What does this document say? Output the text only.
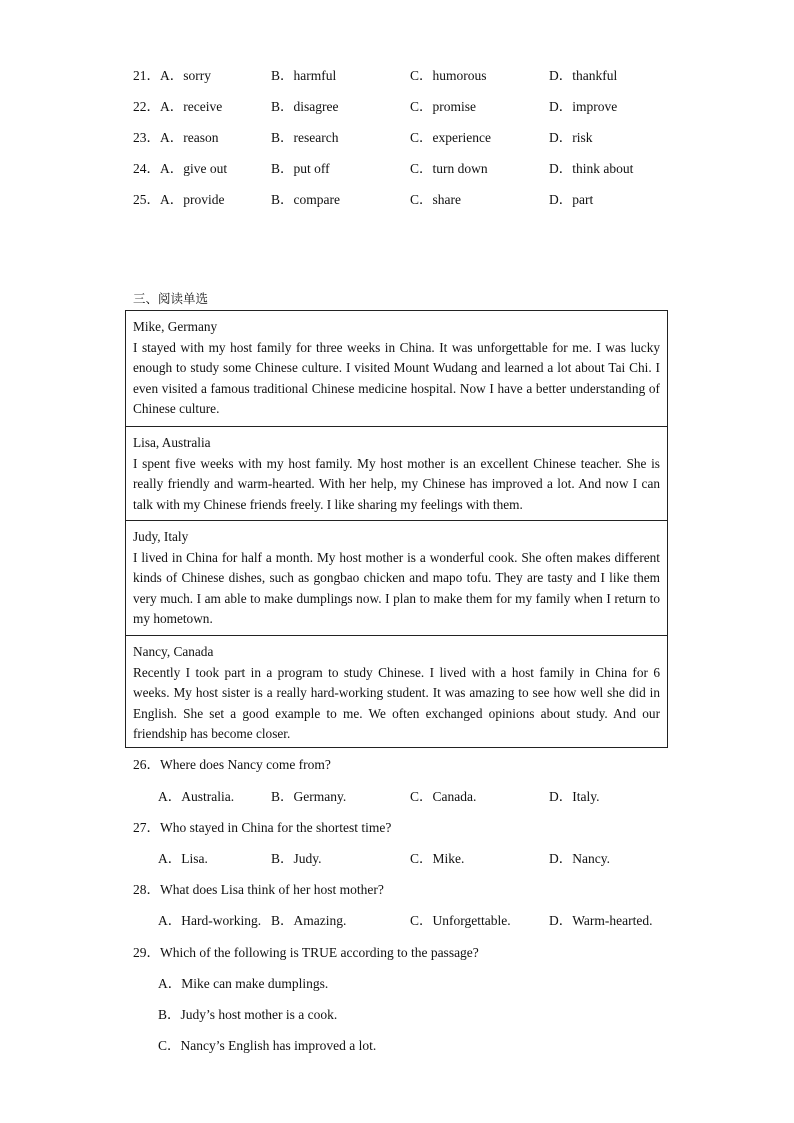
21． A．sorry	B．harmful	C．humorous	D．thankful
22． A．receive	B．disagree	C．promise	D．improve
23． A．reason	B．research	C．experience	D．risk
24． A．give out	B．put off	C．turn down	D．think about
25． A．provide	B．compare	C．share	D．part
三、阅读单选
Mike, Germany
I stayed with my host family for three weeks in China. It was unforgettable for me. I was lucky enough to study some Chinese culture. I visited Mount Wudang and learned a lot about Tai Chi. I even visited a famous traditional Chinese medicine hospital. Now I have a better understanding of Chinese culture.
Lisa, Australia
I spent five weeks with my host family. My host mother is an excellent Chinese teacher. She is really friendly and warm-hearted. With her help, my Chinese has improved a lot. And now I can talk with my Chinese friends freely. I like sharing my feelings with them.
Judy, Italy
I lived in China for half a month. My host mother is a wonderful cook. She often makes different kinds of Chinese dishes, such as gongbao chicken and mapo tofu. They are tasty and I like them very much. I am able to make dumplings now. I plan to make them for my family when I return to my hometown.
Nancy, Canada
Recently I took part in a program to study Chinese. I lived with a host family in China for 6 weeks. My host sister is a really hard-working student. It was amazing to see how well she did in English. She set a good example to me. We often exchanged opinions about study. And our friendship has become closer.
26．Where does Nancy come from?
A．Australia.	B．Germany.	C．Canada.	D．Italy.
27．Who stayed in China for the shortest time?
A．Lisa.	B．Judy.	C．Mike.	D．Nancy.
28．What does Lisa think of her host mother?
A．Hard-working. B．Amazing.	C．Unforgettable.	D．Warm-hearted.
29．Which of the following is TRUE according to the passage?
A．Mike can make dumplings.
B．Judy’s host mother is a cook.
C．Nancy’s English has improved a lot.
